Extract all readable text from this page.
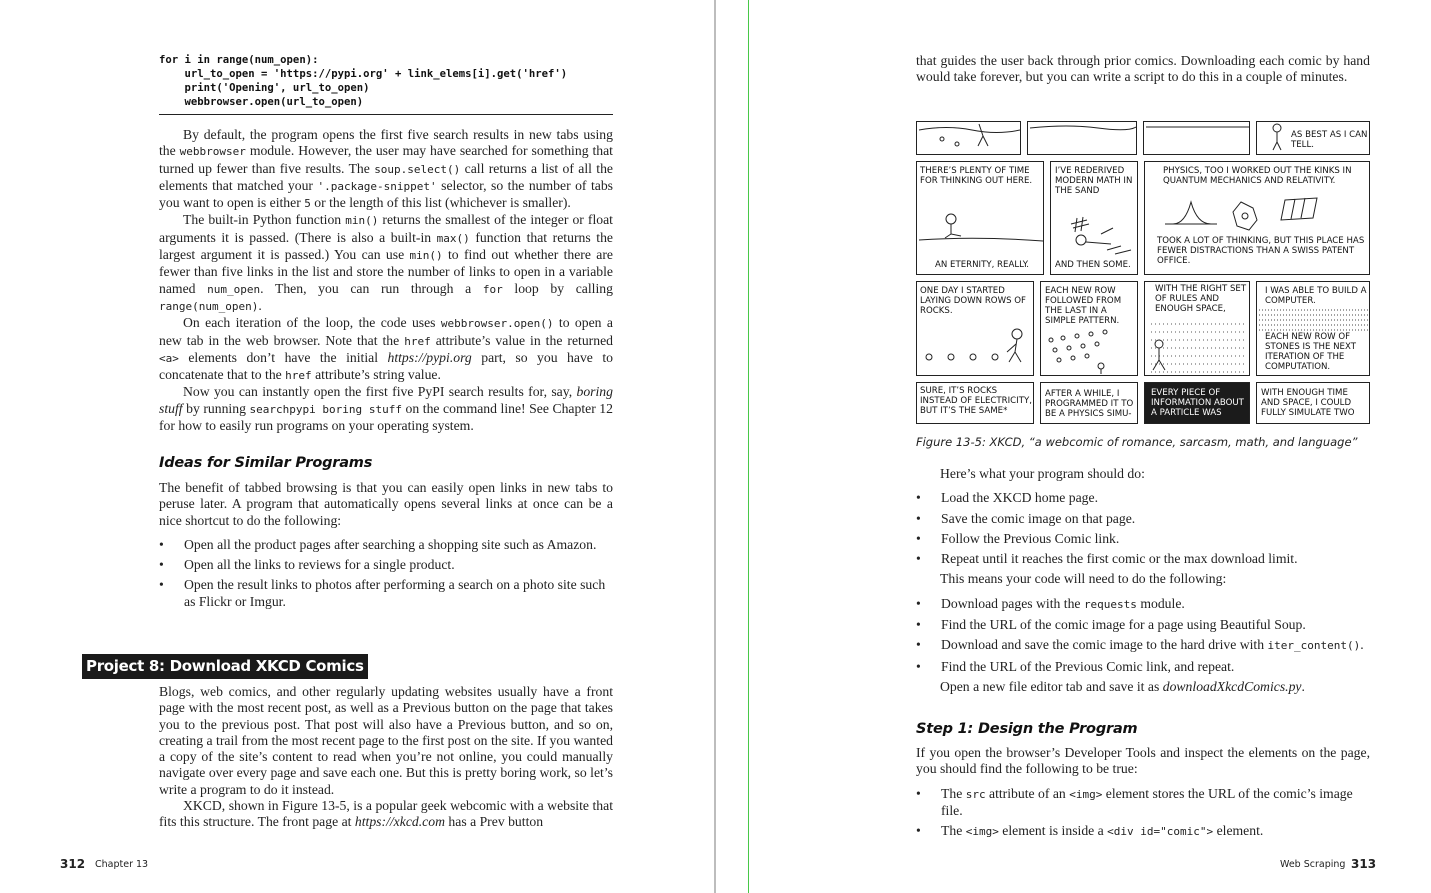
for i in range(num_open):
url_to_open = 'https://pypi.org' + link_elems[i].get('href')
print('Opening', url_to_open)
webbrowser.open(url_to_open)

By default, the program opens the first five search results in new tabs using the webbrowser module. However, the user may have searched for something that turned up fewer than five results. The soup.select() call returns a list of all the elements that matched your '.package-snippet' selector, so the number of tabs you want to open is either 5 or the length of this list (whichever is smaller).

The built-in Python function min() returns the smallest of the integer or float arguments it is passed. (There is also a built-in max() function that returns the largest argument it is passed.) You can use min() to find out whether there are fewer than five links in the list and store the number of links to open in a variable named num_open. Then, you can run through a for loop by calling range(num_open).

On each iteration of the loop, the code uses webbrowser.open() to open a new tab in the web browser. Note that the href attribute’s value in the returned <a> elements don’t have the initial https://pypi.org part, so you have to concatenate that to the href attribute’s string value.

Now you can instantly open the first five PyPI search results for, say, boring stuff by running searchpypi boring stuff on the command line! See Chapter 12 for how to easily run programs on your operating system.

Ideas for Similar Programs

The benefit of tabbed browsing is that you can easily open links in new tabs to peruse later. A program that automatically opens several links at once can be a nice shortcut to do the following:

• Open all the product pages after searching a shopping site such as Amazon.
• Open all the links to reviews for a single product.
• Open the result links to photos after performing a search on a photo site such as Flickr or Imgur.
Project 8: Download XKCD Comics

Blogs, web comics, and other regularly updating websites usually have a front page with the most recent post, as well as a Previous button on the page that takes you to the previous post. That post will also have a Previous button, and so on, creating a trail from the most recent page to the first post on the site. If you wanted a copy of the site’s content to read when you’re not online, you could manually navigate over every page and save each one. But this is pretty boring work, so let’s write a program to do it instead.

XKCD, shown in Figure 13-5, is a popular geek webcomic with a website that fits this structure. The front page at https://xkcd.com has a Prev button

312 Chapter 13

that guides the user back through prior comics. Downloading each comic by hand would take forever, but you can write a script to do this in a couple of minutes.

AS BEST AS I CAN TELL.
THERE’S PLENTY OF TIME FOR THINKING OUT HERE.
AN ETERNITY, REALLY.
I’VE REDERIVED MODERN MATH IN THE SAND
AND THEN SOME.
PHYSICS, TOO I WORKED OUT THE KINKS IN QUANTUM MECHANICS AND RELATIVITY.
TOOK A LOT OF THINKING, BUT THIS PLACE HAS FEWER DISTRACTIONS THAN A SWISS PATENT OFFICE.
ONE DAY I STARTED LAYING DOWN ROWS OF ROCKS.
EACH NEW ROW FOLLOWED FROM THE LAST IN A SIMPLE PATTERN.
WITH THE RIGHT SET OF RULES AND ENOUGH SPACE,
I WAS ABLE TO BUILD A COMPUTER.
EACH NEW ROW OF STONES IS THE NEXT ITERATION OF THE COMPUTATION.
SURE, IT’S ROCKS INSTEAD OF ELECTRICITY, BUT IT’S THE SAME*
AFTER A WHILE, I PROGRAMMED IT TO BE A PHYSICS SIMU-
EVERY PIECE OF INFORMATION ABOUT A PARTICLE WAS
WITH ENOUGH TIME AND SPACE, I COULD FULLY SIMULATE TWO
Figure 13-5: XKCD, “a webcomic of romance, sarcasm, math, and language”

Here’s what your program should do:

• Load the XKCD home page.
• Save the comic image on that page.
• Follow the Previous Comic link.
• Repeat until it reaches the first comic or the max download limit.

This means your code will need to do the following:

• Download pages with the requests module.
• Find the URL of the comic image for a page using Beautiful Soup.
• Download and save the comic image to the hard drive with iter_content().
• Find the URL of the Previous Comic link, and repeat.

Open a new file editor tab and save it as downloadXkcdComics.py.

Step 1: Design the Program

If you open the browser’s Developer Tools and inspect the elements on the page, you should find the following to be true:

• The src attribute of an <img> element stores the URL of the comic’s image file.
• The <img> element is inside a <div id="comic"> element.
Web Scraping 313
